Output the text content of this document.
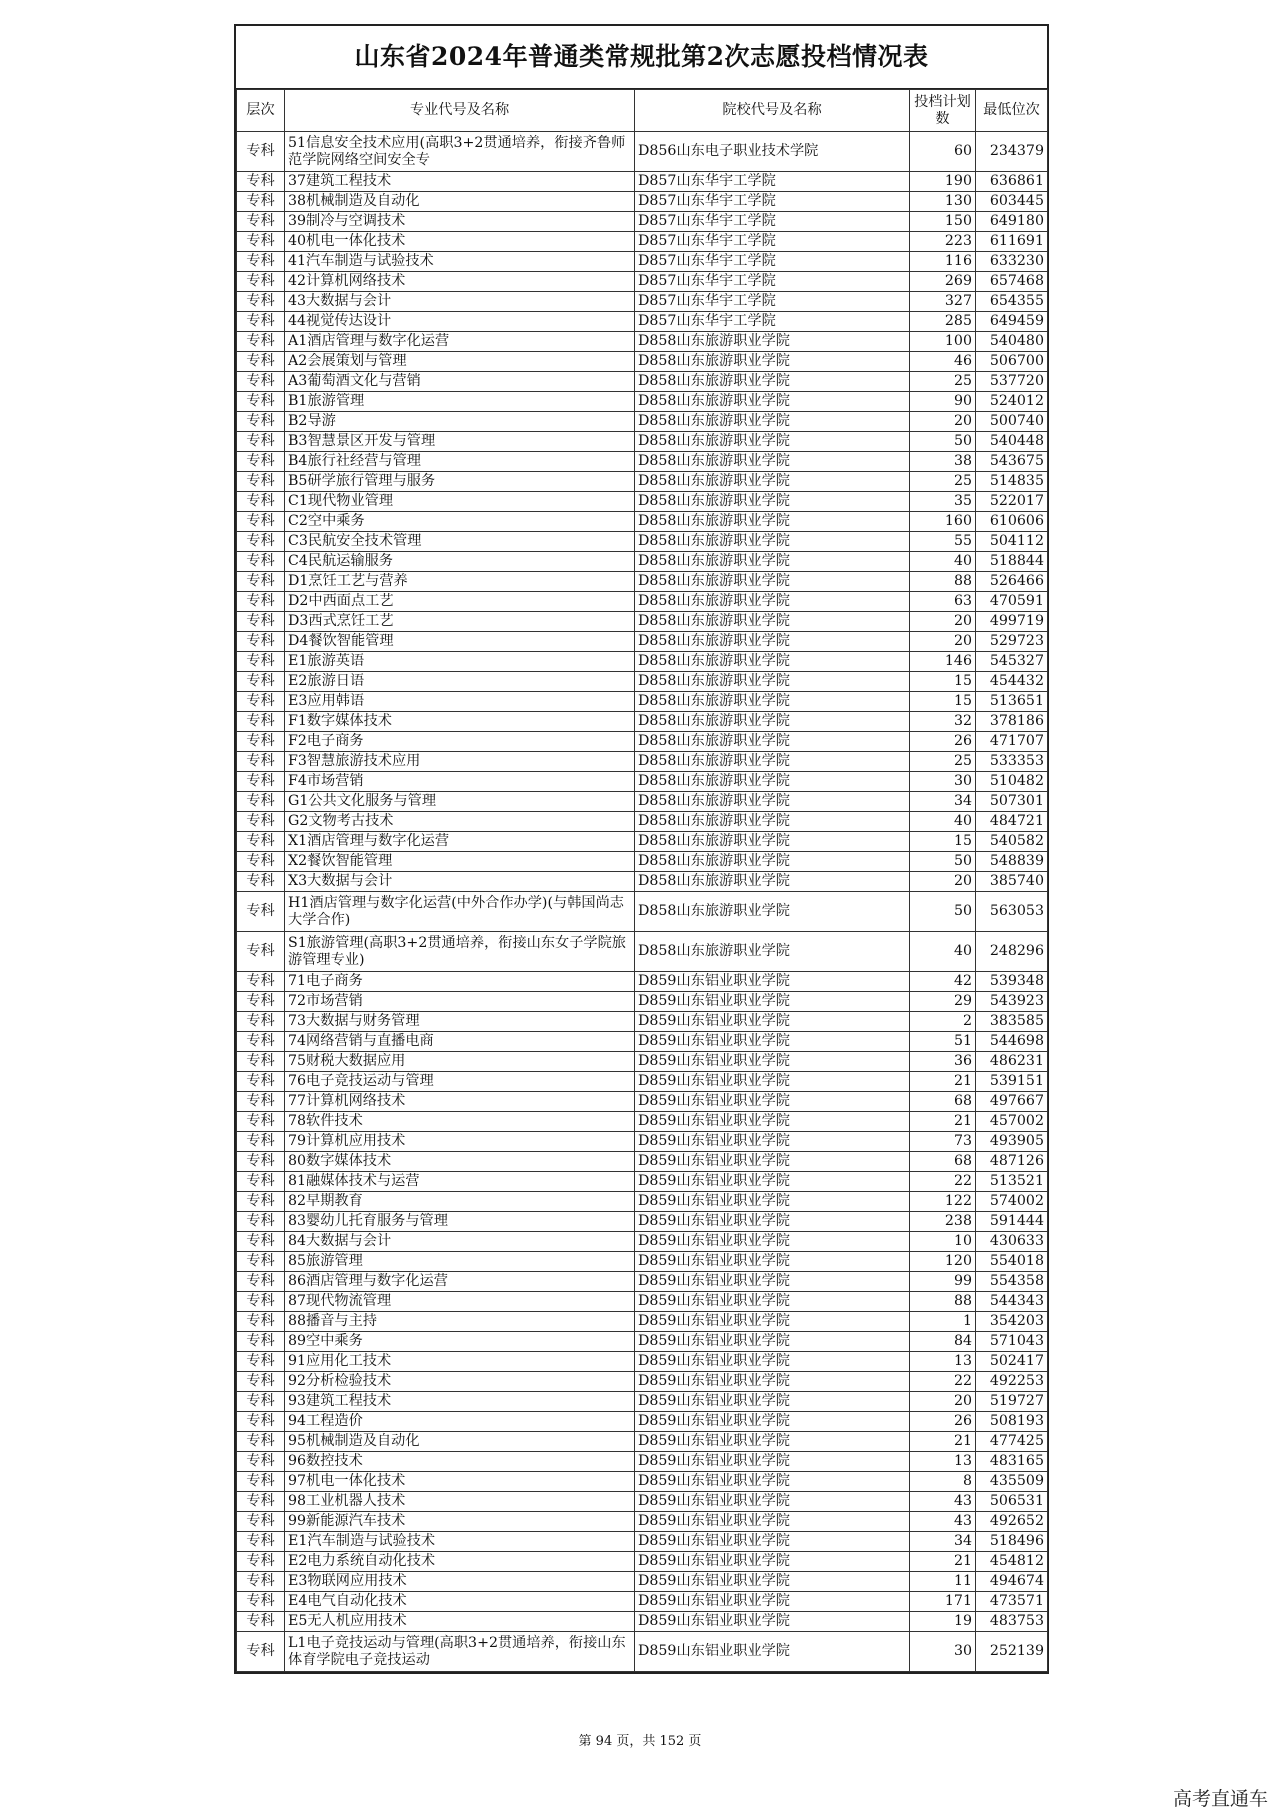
山东省2024年普通类常规批第2次志愿投档情况表
层次	专业代号及名称	院校代号及名称	投档计划数	最低位次
专科	51信息安全技术应用(高职3+2贯通培养，衔接齐鲁师范学院网络空间安全专	D856山东电子职业技术学院	60	234379
专科	37建筑工程技术	D857山东华宇工学院	190	636861
专科	38机械制造及自动化	D857山东华宇工学院	130	603445
专科	39制冷与空调技术	D857山东华宇工学院	150	649180
专科	40机电一体化技术	D857山东华宇工学院	223	611691
专科	41汽车制造与试验技术	D857山东华宇工学院	116	633230
专科	42计算机网络技术	D857山东华宇工学院	269	657468
专科	43大数据与会计	D857山东华宇工学院	327	654355
专科	44视觉传达设计	D857山东华宇工学院	285	649459
专科	A1酒店管理与数字化运营	D858山东旅游职业学院	100	540480
专科	A2会展策划与管理	D858山东旅游职业学院	46	506700
专科	A3葡萄酒文化与营销	D858山东旅游职业学院	25	537720
专科	B1旅游管理	D858山东旅游职业学院	90	524012
专科	B2导游	D858山东旅游职业学院	20	500740
专科	B3智慧景区开发与管理	D858山东旅游职业学院	50	540448
专科	B4旅行社经营与管理	D858山东旅游职业学院	38	543675
专科	B5研学旅行管理与服务	D858山东旅游职业学院	25	514835
专科	C1现代物业管理	D858山东旅游职业学院	35	522017
专科	C2空中乘务	D858山东旅游职业学院	160	610606
专科	C3民航安全技术管理	D858山东旅游职业学院	55	504112
专科	C4民航运输服务	D858山东旅游职业学院	40	518844
专科	D1烹饪工艺与营养	D858山东旅游职业学院	88	526466
专科	D2中西面点工艺	D858山东旅游职业学院	63	470591
专科	D3西式烹饪工艺	D858山东旅游职业学院	20	499719
专科	D4餐饮智能管理	D858山东旅游职业学院	20	529723
专科	E1旅游英语	D858山东旅游职业学院	146	545327
专科	E2旅游日语	D858山东旅游职业学院	15	454432
专科	E3应用韩语	D858山东旅游职业学院	15	513651
专科	F1数字媒体技术	D858山东旅游职业学院	32	378186
专科	F2电子商务	D858山东旅游职业学院	26	471707
专科	F3智慧旅游技术应用	D858山东旅游职业学院	25	533353
专科	F4市场营销	D858山东旅游职业学院	30	510482
专科	G1公共文化服务与管理	D858山东旅游职业学院	34	507301
专科	G2文物考古技术	D858山东旅游职业学院	40	484721
专科	X1酒店管理与数字化运营	D858山东旅游职业学院	15	540582
专科	X2餐饮智能管理	D858山东旅游职业学院	50	548839
专科	X3大数据与会计	D858山东旅游职业学院	20	385740
专科	H1酒店管理与数字化运营(中外合作办学)(与韩国尚志大学合作)	D858山东旅游职业学院	50	563053
专科	S1旅游管理(高职3+2贯通培养，衔接山东女子学院旅游管理专业)	D858山东旅游职业学院	40	248296
专科	71电子商务	D859山东铝业职业学院	42	539348
专科	72市场营销	D859山东铝业职业学院	29	543923
专科	73大数据与财务管理	D859山东铝业职业学院	2	383585
专科	74网络营销与直播电商	D859山东铝业职业学院	51	544698
专科	75财税大数据应用	D859山东铝业职业学院	36	486231
专科	76电子竞技运动与管理	D859山东铝业职业学院	21	539151
专科	77计算机网络技术	D859山东铝业职业学院	68	497667
专科	78软件技术	D859山东铝业职业学院	21	457002
专科	79计算机应用技术	D859山东铝业职业学院	73	493905
专科	80数字媒体技术	D859山东铝业职业学院	68	487126
专科	81融媒体技术与运营	D859山东铝业职业学院	22	513521
专科	82早期教育	D859山东铝业职业学院	122	574002
专科	83婴幼儿托育服务与管理	D859山东铝业职业学院	238	591444
专科	84大数据与会计	D859山东铝业职业学院	10	430633
专科	85旅游管理	D859山东铝业职业学院	120	554018
专科	86酒店管理与数字化运营	D859山东铝业职业学院	99	554358
专科	87现代物流管理	D859山东铝业职业学院	88	544343
专科	88播音与主持	D859山东铝业职业学院	1	354203
专科	89空中乘务	D859山东铝业职业学院	84	571043
专科	91应用化工技术	D859山东铝业职业学院	13	502417
专科	92分析检验技术	D859山东铝业职业学院	22	492253
专科	93建筑工程技术	D859山东铝业职业学院	20	519727
专科	94工程造价	D859山东铝业职业学院	26	508193
专科	95机械制造及自动化	D859山东铝业职业学院	21	477425
专科	96数控技术	D859山东铝业职业学院	13	483165
专科	97机电一体化技术	D859山东铝业职业学院	8	435509
专科	98工业机器人技术	D859山东铝业职业学院	43	506531
专科	99新能源汽车技术	D859山东铝业职业学院	43	492652
专科	E1汽车制造与试验技术	D859山东铝业职业学院	34	518496
专科	E2电力系统自动化技术	D859山东铝业职业学院	21	454812
专科	E3物联网应用技术	D859山东铝业职业学院	11	494674
专科	E4电气自动化技术	D859山东铝业职业学院	171	473571
专科	E5无人机应用技术	D859山东铝业职业学院	19	483753
专科	L1电子竞技运动与管理(高职3+2贯通培养，衔接山东体育学院电子竞技运动	D859山东铝业职业学院	30	252139
第 94 页，共 152 页
高考直通车
